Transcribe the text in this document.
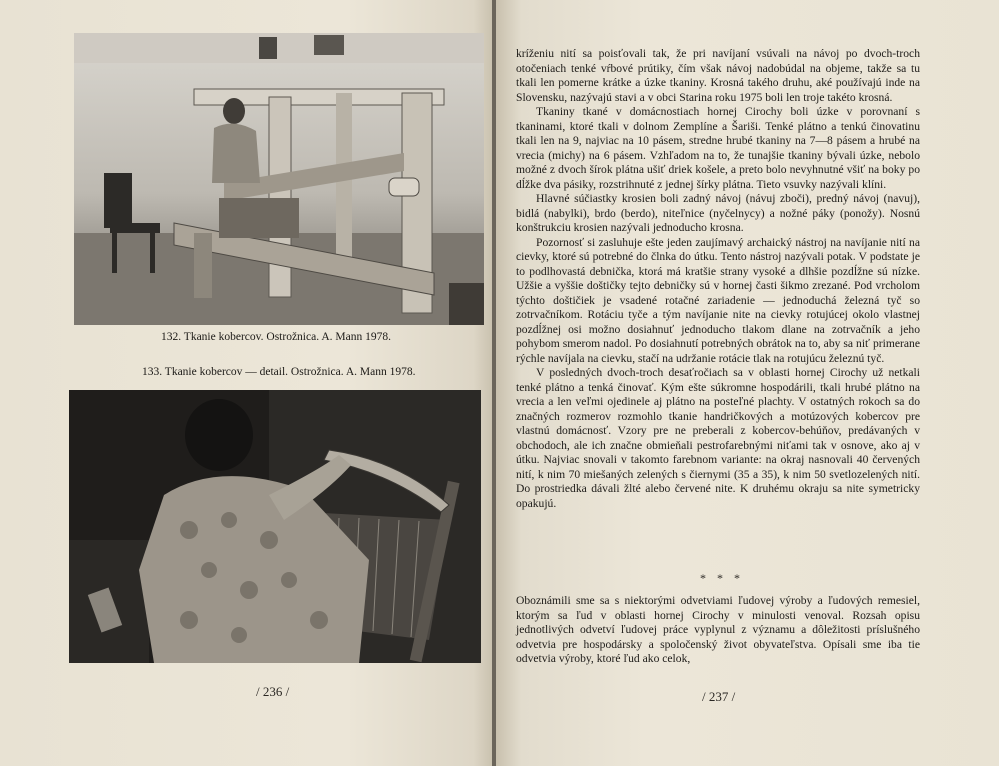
132. Tkanie kobercov. Ostrožnica. A. Mann 1978.
133. Tkanie kobercov — detail. Ostrožnica. A. Mann 1978.
/ 236 /

kríženiu nití sa poisťovali tak, že pri navíjaní vsúvali na návoj po dvoch-troch otočeniach tenké vŕbové prútiky, čím však návoj nadobúdal na objeme, takže sa tu tkali len pomerne krátke a úzke tkaniny. Krosná takého druhu, aké používajú inde na Slovensku, nazývajú stavi a v obci Starina roku 1975 boli len troje takéto krosná.

Tkaniny tkané v domácnostiach hornej Cirochy boli úzke v porovnaní s tkaninami, ktoré tkali v dolnom Zemplíne a Šariši. Tenké plátno a tenkú činovatinu tkali len na 9, najviac na 10 pásem, stredne hrubé tkaniny na 7—8 pásem a hrubé na vrecia (michy) na 6 pásem. Vzhľadom na to, že tunajšie tkaniny bývali úzke, nebolo možné z dvoch šírok plátna ušiť driek košele, a preto bolo nevyhnutné všiť na boky po dĺžke dva pásiky, rozstrihnuté z jednej šírky plátna. Tieto vsuvky nazývali klíni.

Hlavné súčiastky krosien boli zadný návoj (návuj zboči), predný návoj (navuj), bidlá (nabylki), brdo (berdo), niteľnice (nyčelnycy) a nožné páky (ponožy). Nosnú konštrukciu krosien nazývali jednoducho krosna.

Pozornosť si zasluhuje ešte jeden zaujímavý archaický nástroj na navíjanie nití na cievky, ktoré sú potrebné do člnka do útku. Tento nástroj nazývali potak. V podstate je to podlhovastá debnička, ktorá má kratšie strany vysoké a dlhšie pozdĺžne sú nízke. Užšie a vyššie doštičky tejto debničky sú v hornej časti šikmo zrezané. Pod vrcholom týchto doštičiek je vsadené rotačné zariadenie — jednoduchá železná tyč so zotrvačníkom. Rotáciu tyče a tým navíjanie nite na cievky rotujúcej okolo vlastnej pozdĺžnej osi možno dosiahnuť jednoducho tlakom dlane na zotrvačník a jeho pohybom smerom nadol. Po dosiahnutí potrebných obrátok na to, aby sa niť primerane rýchle navíjala na cievku, stačí na udržanie rotácie tlak na rotujúcu železnú tyč.

V posledných dvoch-troch desaťročiach sa v oblasti hornej Cirochy už netkali tenké plátno a tenká činovať. Kým ešte súkromne hospodárili, tkali hrubé plátno na vrecia a len veľmi ojedinele aj plátno na posteľné plachty. V ostatných rokoch sa do značných rozmerov rozmohlo tkanie handričkových a motúzových kobercov pre vlastnú domácnosť. Vzory pre ne preberali z kobercov-behúňov, predávaných v obchodoch, ale ich značne obmieňali pestrofarebnými niťami tak v osnove, ako aj v útku. Najviac snovali v takomto farebnom variante: na okraj nasnovali 40 červených nití, k nim 70 miešaných zelených s čiernymi (35 a 35), k nim 50 svetlozelených nití. Do prostriedka dávali žlté alebo červené nite. K druhému okraju sa nite symetricky opakujú.

* * *

Oboznámili sme sa s niektorými odvetviami ľudovej výroby a ľudových remesiel, ktorým sa ľud v oblasti hornej Cirochy v minulosti venoval. Rozsah opisu jednotlivých odvetví ľudovej práce vyplynul z významu a dôležitosti príslušného odvetvia pre hospodársky a spoločenský život obyvateľstva. Opísali sme iba tie odvetvia výroby, ktoré ľud ako celok,

/ 237 /
